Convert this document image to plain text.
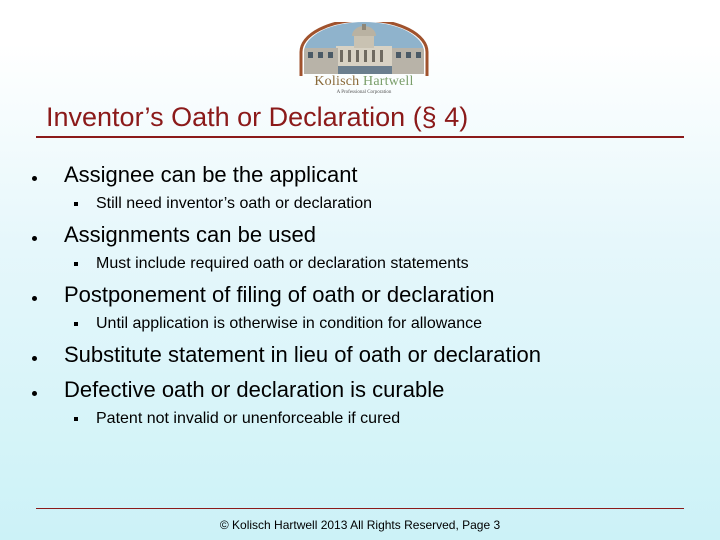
Kolisch Hartwell
A Professional Corporation
Inventor’s Oath or Declaration (§ 4)
Assignee can be the applicant
Still need inventor’s oath or declaration
Assignments can be used
Must include required oath or declaration statements
Postponement of filing of oath or declaration
Until application is otherwise in condition for allowance
Substitute statement in lieu of oath or declaration
Defective oath or declaration is curable
Patent not invalid or unenforceable if cured
© Kolisch Hartwell 2013 All Rights Reserved, Page 3
